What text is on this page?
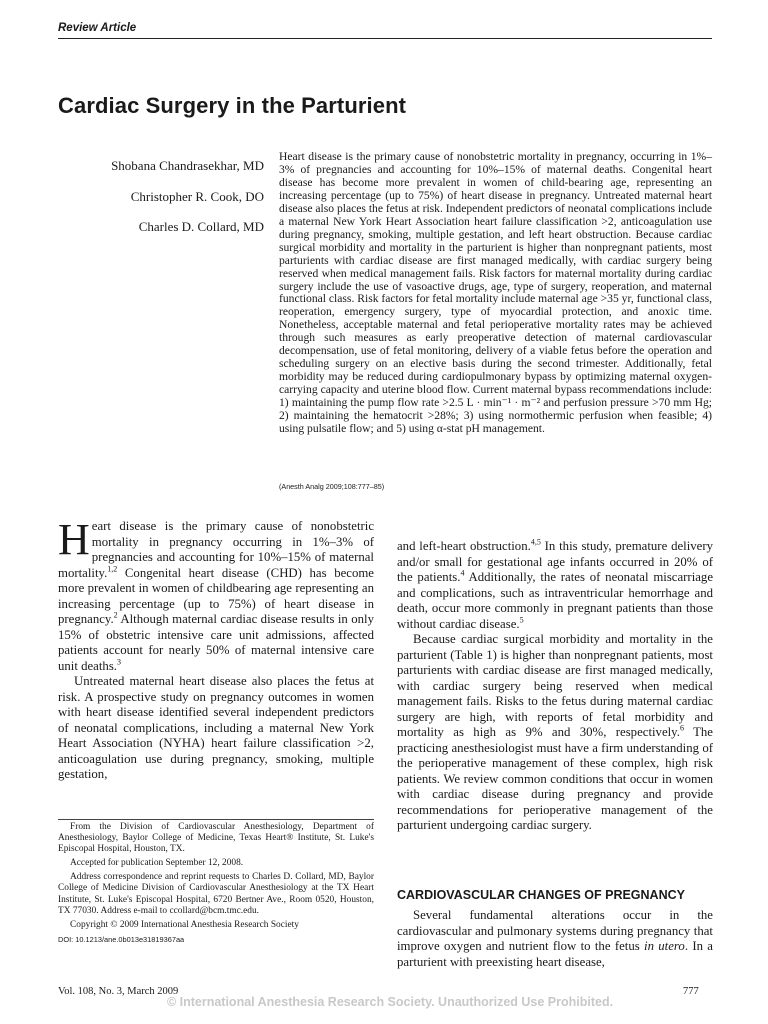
Review Article
Cardiac Surgery in the Parturient
Shobana Chandrasekhar, MD
Christopher R. Cook, DO
Charles D. Collard, MD
Heart disease is the primary cause of nonobstetric mortality in pregnancy, occurring in 1%–3% of pregnancies and accounting for 10%–15% of maternal deaths. Congenital heart disease has become more prevalent in women of child-bearing age, representing an increasing percentage (up to 75%) of heart disease in pregnancy. Untreated maternal heart disease also places the fetus at risk. Independent predictors of neonatal complications include a maternal New York Heart Association heart failure classification >2, anticoagulation use during pregnancy, smoking, multiple gestation, and left heart obstruction. Because cardiac surgical morbidity and mortality in the parturient is higher than nonpregnant patients, most parturients with cardiac disease are first managed medically, with cardiac surgery being reserved when medical management fails. Risk factors for maternal mortality during cardiac surgery include the use of vasoactive drugs, age, type of surgery, reoperation, and maternal functional class. Risk factors for fetal mortality include maternal age >35 yr, functional class, reoperation, emergency surgery, type of myocardial protection, and anoxic time. Nonetheless, acceptable maternal and fetal perioperative mortality rates may be achieved through such measures as early preoperative detection of maternal cardiovascular decompensation, use of fetal monitoring, delivery of a viable fetus before the operation and scheduling surgery on an elective basis during the second trimester. Additionally, fetal morbidity may be reduced during cardiopulmonary bypass by optimizing maternal oxygen-carrying capacity and uterine blood flow. Current maternal bypass recommendations include: 1) maintaining the pump flow rate >2.5 L · min⁻¹ · m⁻² and perfusion pressure >70 mm Hg; 2) maintaining the hematocrit >28%; 3) using normothermic perfusion when feasible; 4) using pulsatile flow; and 5) using α-stat pH management.
(Anesth Analg 2009;108:777–85)

Heart disease is the primary cause of nonobstetric mortality in pregnancy occurring in 1%–3% of pregnancies and accounting for 10%–15% of maternal mortality.$^{1,2}$ Congenital heart disease (CHD) has become more prevalent in women of childbearing age representing an increasing percentage (up to 75%) of heart disease in pregnancy.$^2$ Although maternal cardiac disease results in only 15% of obstetric intensive care unit admissions, affected patients account for nearly 50% of maternal intensive care unit deaths.$^3$

Untreated maternal heart disease also places the fetus at risk. A prospective study on pregnancy outcomes in women with heart disease identified several independent predictors of neonatal complications, including a maternal New York Heart Association (NYHA) heart failure classification >2, anticoagulation use during pregnancy, smoking, multiple gestation,

From the Division of Cardiovascular Anesthesiology, Department of Anesthesiology, Baylor College of Medicine, Texas Heart® Institute, St. Luke's Episcopal Hospital, Houston, TX.

Accepted for publication September 12, 2008.

Address correspondence and reprint requests to Charles D. Collard, MD, Baylor College of Medicine Division of Cardiovascular Anesthesiology at the TX Heart Institute, St. Luke's Episcopal Hospital, 6720 Bertner Ave., Room 0520, Houston, TX 77030. Address e-mail to ccollard@bcm.tmc.edu.

Copyright © 2009 International Anesthesia Research Society

DOI: 10.1213/ane.0b013e31819367aa

and left-heart obstruction.$^{4,5}$ In this study, premature delivery and/or small for gestational age infants occurred in 20% of the patients.$^4$ Additionally, the rates of neonatal miscarriage and complications, such as intraventricular hemorrhage and death, occur more commonly in pregnant patients than those without cardiac disease.$^5$

Because cardiac surgical morbidity and mortality in the parturient (Table 1) is higher than nonpregnant patients, most parturients with cardiac disease are first managed medically, with cardiac surgery being reserved when medical management fails. Risks to the fetus during maternal cardiac surgery are high, with reports of fetal morbidity and mortality as high as 9% and 30%, respectively.$^6$ The practicing anesthesiologist must have a firm understanding of the perioperative management of these complex, high risk patients. We review common conditions that occur in women with cardiac disease during pregnancy and provide recommendations for perioperative management of the parturient undergoing cardiac surgery.

CARDIOVASCULAR CHANGES OF PREGNANCY

Several fundamental alterations occur in the cardiovascular and pulmonary systems during pregnancy that improve oxygen and nutrient flow to the fetus in utero. In a parturient with preexisting heart disease,

Vol. 108, No. 3, March 2009	777
© International Anesthesia Research Society. Unauthorized Use Prohibited.
